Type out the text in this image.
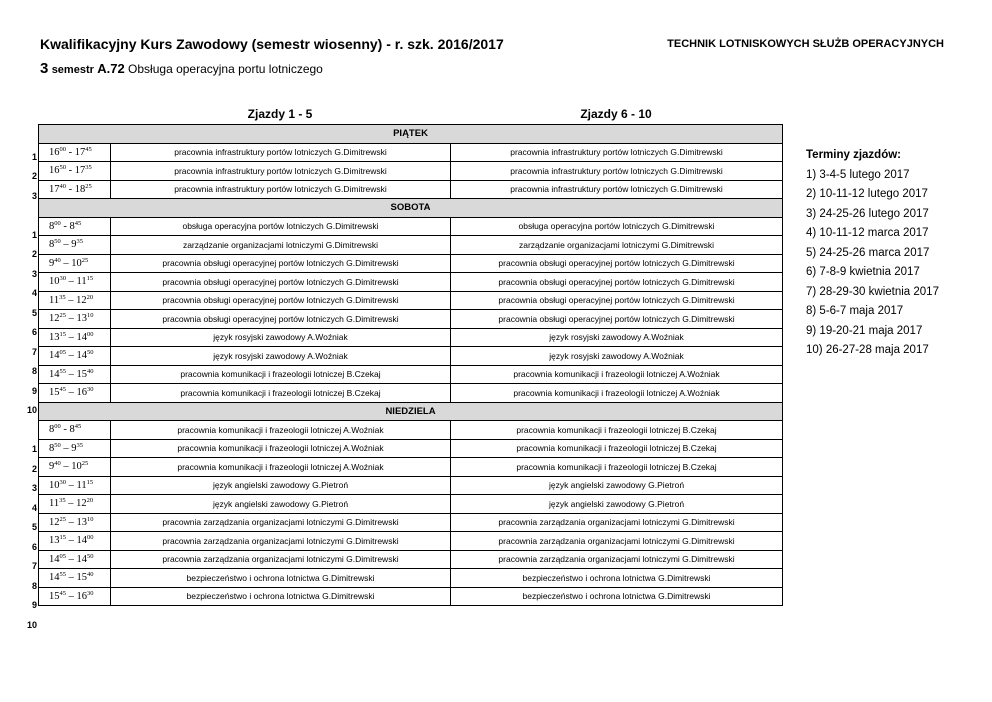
Kwalifikacyjny Kurs Zawodowy (semestr wiosenny) - r. szk. 2016/2017	TECHNIK LOTNISKOWYCH SŁUŻB OPERACYJNYCH
3 semestr A.72 Obsługa operacyjna portu lotniczego
Zjazdy 1 - 5	Zjazdy 6 - 10
1
2
3
1
2
3
4
5
6
7
8
9
10
1
2
3
4
5
6
7
8
9
10
PIĄTEK		
$16^{00} - 17^{45}$	pracownia infrastruktury portów lotniczych G.Dimitrewski	pracownia infrastruktury portów lotniczych G.Dimitrewski
$16^{50} - 17^{35}$	pracownia infrastruktury portów lotniczych G.Dimitrewski	pracownia infrastruktury portów lotniczych G.Dimitrewski
$17^{40} - 18^{25}$	pracownia infrastruktury portów lotniczych G.Dimitrewski	pracownia infrastruktury portów lotniczych G.Dimitrewski
SOBOTA		
$8^{00} - 8^{45}$	obsługa operacyjna portów lotniczych G.Dimitrewski	obsługa operacyjna portów lotniczych G.Dimitrewski
$8^{50} - 9^{35}$	zarządzanie organizacjami lotniczymi G.Dimitrewski	zarządzanie organizacjami lotniczymi G.Dimitrewski
$9^{40} - 10^{25}$	pracownia obsługi operacyjnej portów lotniczych G.Dimitrewski	pracownia obsługi operacyjnej portów lotniczych G.Dimitrewski
$10^{30} - 11^{15}$	pracownia obsługi operacyjnej portów lotniczych G.Dimitrewski	pracownia obsługi operacyjnej portów lotniczych G.Dimitrewski
$11^{35} - 12^{20}$	pracownia obsługi operacyjnej portów lotniczych G.Dimitrewski	pracownia obsługi operacyjnej portów lotniczych G.Dimitrewski
$12^{25} - 13^{10}$	pracownia obsługi operacyjnej portów lotniczych G.Dimitrewski	pracownia obsługi operacyjnej portów lotniczych G.Dimitrewski
$13^{15} - 14^{00}$	język rosyjski zawodowy A.Woźniak	język rosyjski zawodowy A.Woźniak
$14^{05} - 14^{50}$	język rosyjski zawodowy A.Woźniak	język rosyjski zawodowy A.Woźniak
$14^{55} - 15^{40}$	pracownia komunikacji i frazeologii lotniczej B.Czekaj	pracownia komunikacji i frazeologii lotniczej A.Woźniak
$15^{45} - 16^{30}$	pracownia komunikacji i frazeologii lotniczej B.Czekaj	pracownia komunikacji i frazeologii lotniczej A.Woźniak
NIEDZIELA		
$8^{00} - 8^{45}$	pracownia komunikacji i frazeologii lotniczej A.Woźniak	pracownia komunikacji i frazeologii lotniczej B.Czekaj
$8^{50} - 9^{35}$	pracownia komunikacji i frazeologii lotniczej A.Woźniak	pracownia komunikacji i frazeologii lotniczej B.Czekaj
$9^{40} - 10^{25}$	pracownia komunikacji i frazeologii lotniczej A.Woźniak	pracownia komunikacji i frazeologii lotniczej B.Czekaj
$10^{30} - 11^{15}$	język angielski zawodowy G.Pietroń	język angielski zawodowy G.Pietroń
$11^{35} - 12^{20}$	język angielski zawodowy G.Pietroń	język angielski zawodowy G.Pietroń
$12^{25} - 13^{10}$	pracownia zarządzania organizacjami lotniczymi G.Dimitrewski	pracownia zarządzania organizacjami lotniczymi G.Dimitrewski
$13^{15} - 14^{00}$	pracownia zarządzania organizacjami lotniczymi G.Dimitrewski	pracownia zarządzania organizacjami lotniczymi G.Dimitrewski
$14^{05} - 14^{50}$	pracownia zarządzania organizacjami lotniczymi G.Dimitrewski	pracownia zarządzania organizacjami lotniczymi G.Dimitrewski
$14^{55} - 15^{40}$	bezpieczeństwo i ochrona lotnictwa G.Dimitrewski	bezpieczeństwo i ochrona lotnictwa G.Dimitrewski
$15^{45} - 16^{30}$	bezpieczeństwo i ochrona lotnictwa G.Dimitrewski	bezpieczeństwo i ochrona lotnictwa G.Dimitrewski
Terminy zjazdów:
1) 3-4-5 lutego 2017
2) 10-11-12 lutego 2017
3) 24-25-26 lutego 2017
4) 10-11-12 marca 2017
5) 24-25-26 marca 2017
6) 7-8-9 kwietnia 2017
7) 28-29-30 kwietnia 2017
8) 5-6-7 maja 2017
9) 19-20-21 maja 2017
10) 26-27-28 maja 2017
